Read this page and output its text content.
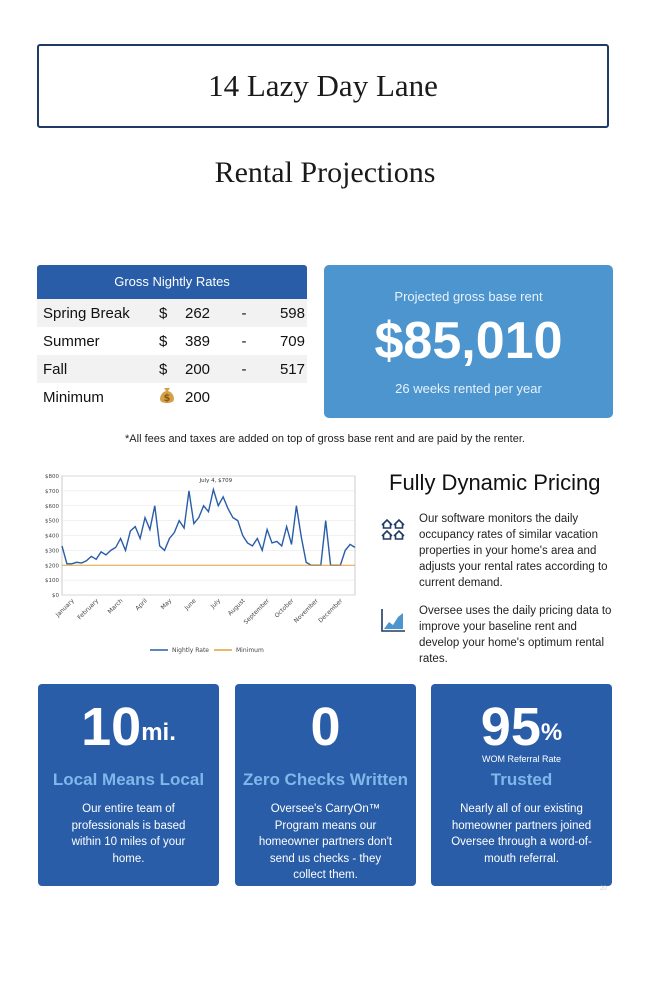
14 Lazy Day Lane
Rental Projections
Gross Nightly Rates
Spring Break	$	262	-	598
Summer	$	389	-	709
Fall	$	200	-	517
Minimum	$ 200
Projected gross base rent
$85,010
26 weeks rented per year
*All fees and taxes are added on top of gross base rent and are paid by the renter.
$0
$100
$200
$300
$400
$500
$600
$700
$800
January February March April May June July August
September October
November
December
July 4, $709
Nightly Rate	Minimum
Fully Dynamic Pricing
Our software monitors the daily occupancy rates of similar vacation properties in your home's area and adjusts your rental rates according to current demand.
Oversee uses the daily pricing data to improve your baseline rent and develop your home's optimum rental rates.
$10^{mi.}$
Local Means Local
Our entire team of professionals is based within 10 miles of your home.
0
Zero Checks Written
Oversee's CarryOn™ Program means our homeowner partners don't send us checks - they collect them.
95%
WOM Referral Rate
Trusted
Nearly all of our existing homeowner partners joined Oversee through a word-of-mouth referral.
20
